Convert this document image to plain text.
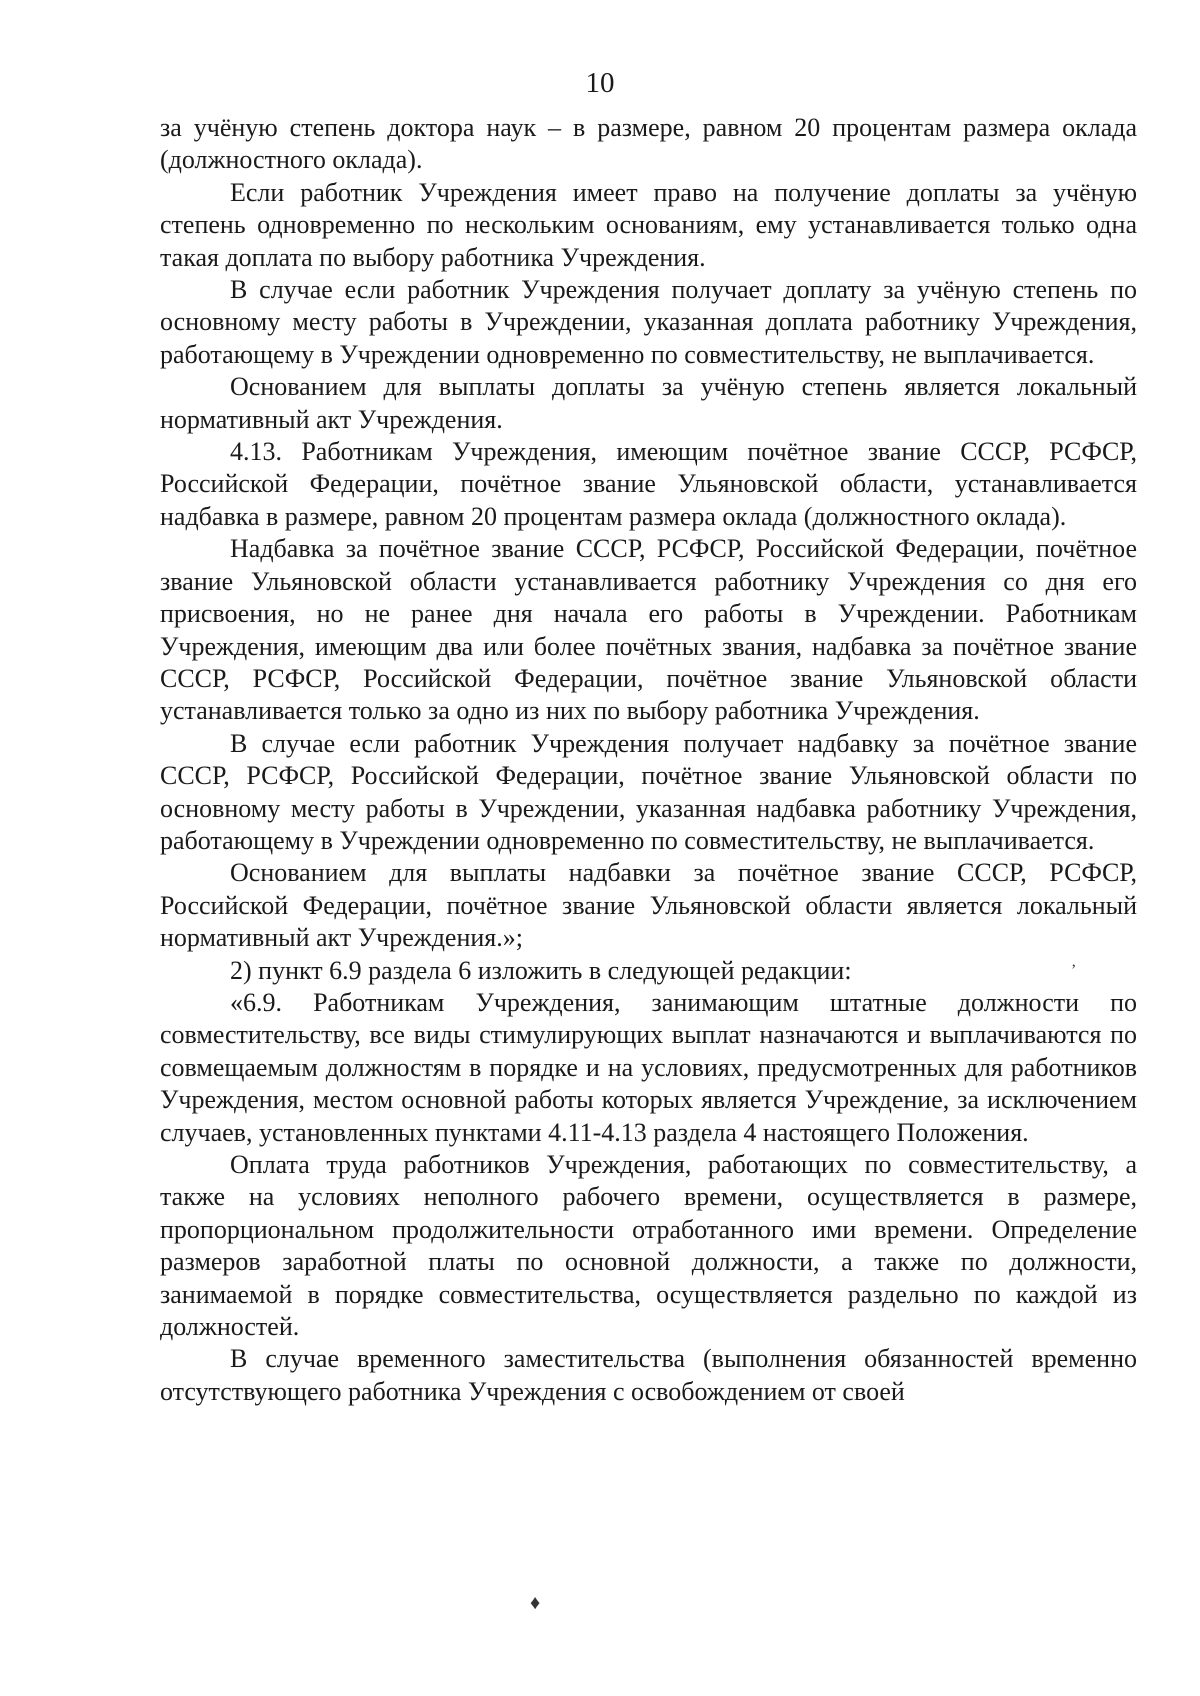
10

за учёную степень доктора наук – в размере, равном 20 процентам размера оклада (должностного оклада).

Если работник Учреждения имеет право на получение доплаты за учёную степень одновременно по нескольким основаниям, ему устанавливается только одна такая доплата по выбору работника Учреждения.

В случае если работник Учреждения получает доплату за учёную степень по основному месту работы в Учреждении, указанная доплата работнику Учреждения, работающему в Учреждении одновременно по совместительству, не выплачивается.

Основанием для выплаты доплаты за учёную степень является локальный нормативный акт Учреждения.

4.13. Работникам Учреждения, имеющим почётное звание СССР, РСФСР, Российской Федерации, почётное звание Ульяновской области, устанавливается надбавка в размере, равном 20 процентам размера оклада (должностного оклада).

Надбавка за почётное звание СССР, РСФСР, Российской Федерации, почётное звание Ульяновской области устанавливается работнику Учреждения со дня его присвоения, но не ранее дня начала его работы в Учреждении. Работникам Учреждения, имеющим два или более почётных звания, надбавка за почётное звание СССР, РСФСР, Российской Федерации, почётное звание Ульяновской области устанавливается только за одно из них по выбору работника Учреждения.

В случае если работник Учреждения получает надбавку за почётное звание СССР, РСФСР, Российской Федерации, почётное звание Ульяновской области по основному месту работы в Учреждении, указанная надбавка работнику Учреждения, работающему в Учреждении одновременно по совместительству, не выплачивается.

Основанием для выплаты надбавки за почётное звание СССР, РСФСР, Российской Федерации, почётное звание Ульяновской области является локальный нормативный акт Учреждения.»;

2) пункт 6.9 раздела 6 изложить в следующей редакции:

«6.9. Работникам Учреждения, занимающим штатные должности по совместительству, все виды стимулирующих выплат назначаются и выплачиваются по совмещаемым должностям в порядке и на условиях, предусмотренных для работников Учреждения, местом основной работы которых является Учреждение, за исключением случаев, установленных пунктами 4.11-4.13 раздела 4 настоящего Положения.

Оплата труда работников Учреждения, работающих по совместительству, а также на условиях неполного рабочего времени, осуществляется в размере, пропорциональном продолжительности отработанного ими времени. Определение размеров заработной платы по основной должности, а также по должности, занимаемой в порядке совместительства, осуществляется раздельно по каждой из должностей.

В случае временного заместительства (выполнения обязанностей временно отсутствующего работника Учреждения с освобождением от своей

’
♦
